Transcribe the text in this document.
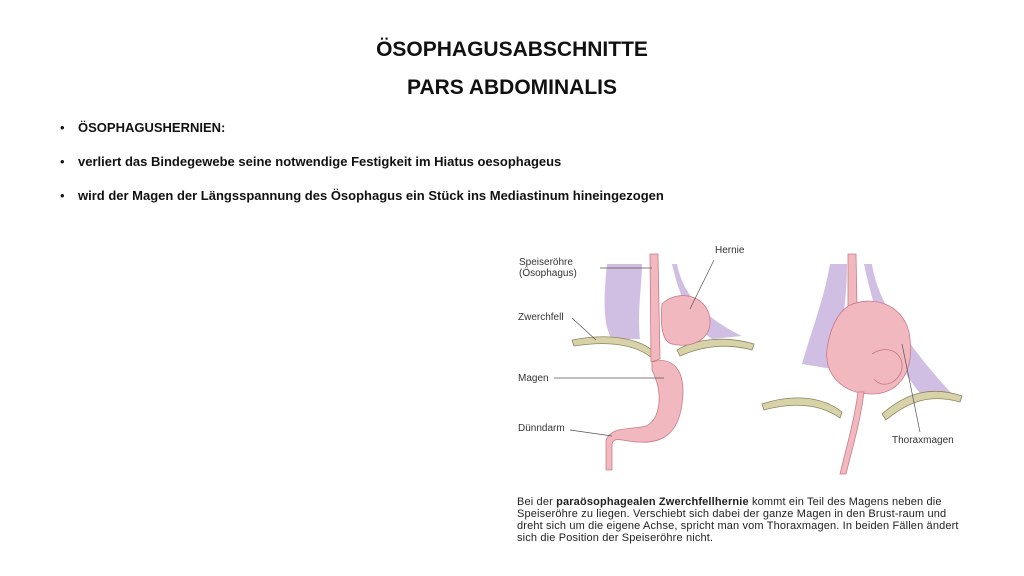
ÖSOPHAGUSABSCHNITTE
PARS ABDOMINALIS
• ÖSOPHAGUSHERNIEN:
• verliert das Bindegewebe seine notwendige Festigkeit im Hiatus oesophageus
• wird der Magen der Längsspannung des Ösophagus ein Stück ins Mediastinum hineingezogen
Speiseröhre
(Ösophagus)
Hernie
Zwerchfell
Magen
Dünndarm
Thoraxmagen
Bei der paraösophagealen Zwerchfellhernie kommt ein Teil des Magens neben die Speiseröhre zu liegen. Verschiebt sich dabei der ganze Magen in den Brust-raum und dreht sich um die eigene Achse, spricht man vom Thoraxmagen. In beiden Fällen ändert sich die Position der Speiseröhre nicht.
